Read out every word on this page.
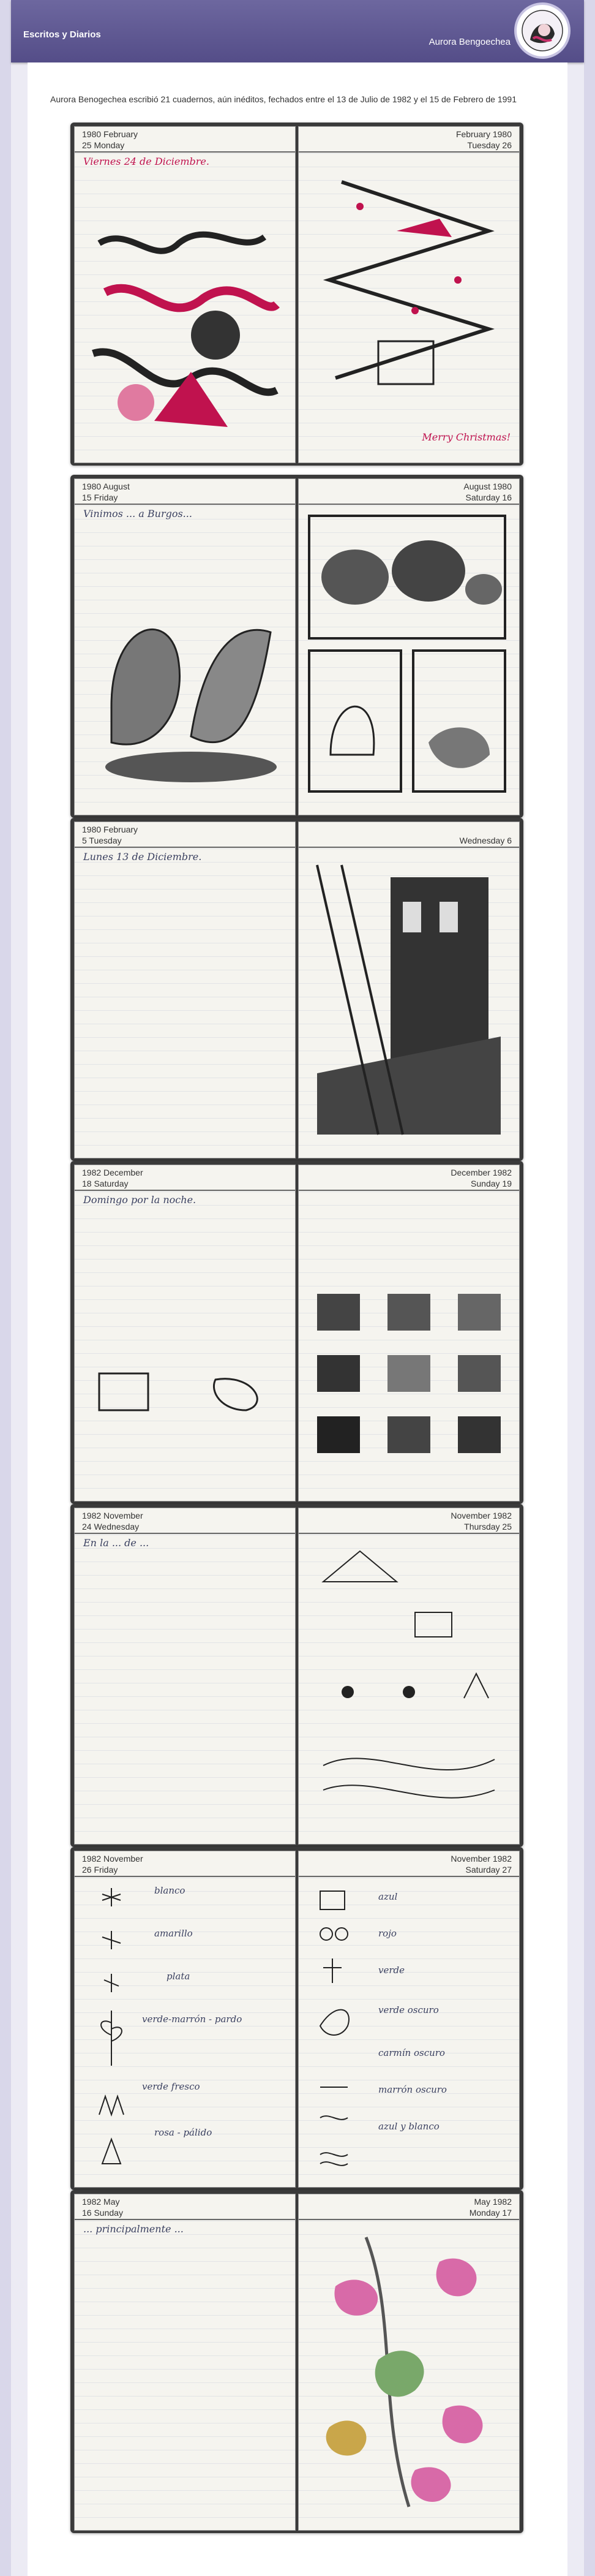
Escritos y Diarios
Aurora Bengoechea

Aurora Benogechea escribió 21 cuadernos, aún inéditos, fechados entre el 13 de Julio de 1982 y el 15 de Febrero de 1991

1980 February
25 Monday
Viernes 24 de Diciembre.
February 1980
Tuesday 26
Merry Christmas!
1980 August
15 Friday
Vinimos ... a Burgos...
August 1980
Saturday 16
1980 February
5 Tuesday
Lunes 13 de Diciembre.
Wednesday 6
1982 December
18 Saturday
Domingo por la noche.
December 1982
Sunday 19
1982 November
24 Wednesday
En la ... de ...
November 1982
Thursday 25
1982 November
26 Friday
blanco
amarillo
plata
verde-marrón - pardo
verde fresco
rosa - pálido
November 1982
Saturday 27
azul
rojo
verde
verde oscuro
carmín oscuro
marrón oscuro
azul y blanco
1982 May
16 Sunday
... principalmente ...
May 1982
Monday 17
